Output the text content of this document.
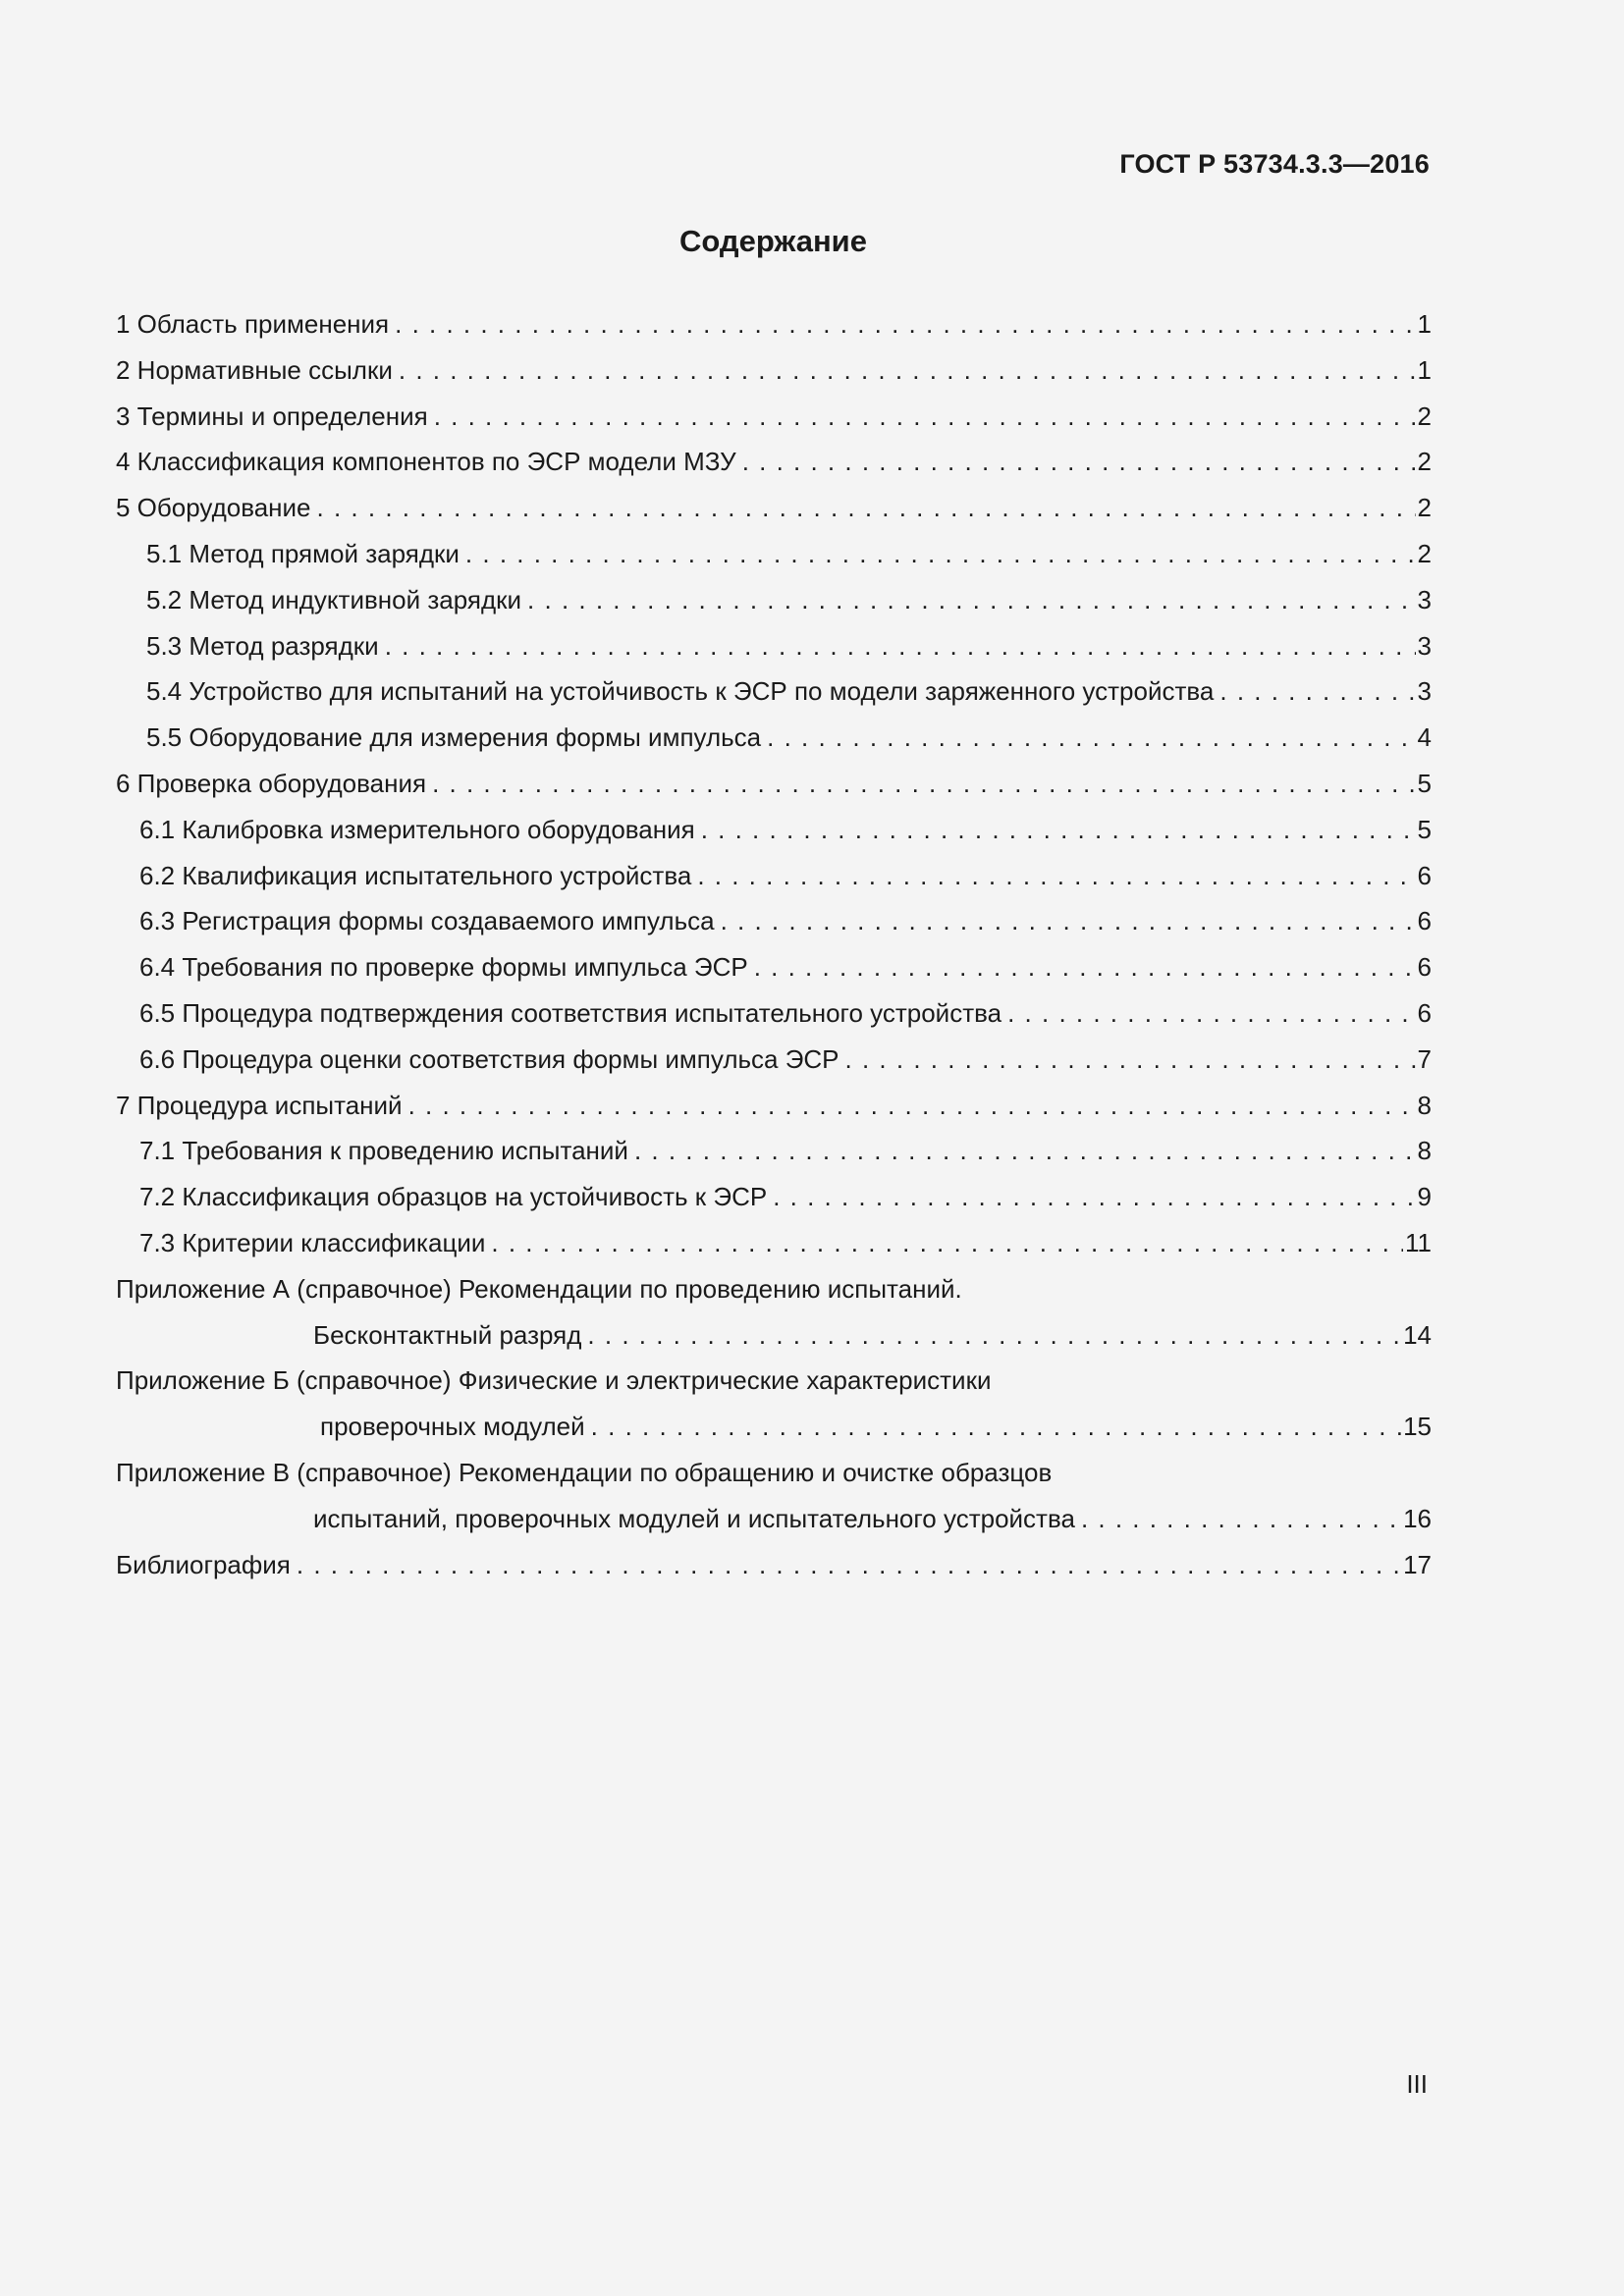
ГОСТ Р 53734.3.3—2016
Содержание
1 Область применения . . .	1
2 Нормативные ссылки . . .	1
3 Термины и определения . . .	2
4 Классификация компонентов по ЭСР модели МЗУ . . .	2
5 Оборудование . . .	2
5.1 Метод прямой зарядки . . .	2
5.2 Метод индуктивной зарядки . . .	3
5.3 Метод разрядки . . .	3
5.4 Устройство для испытаний на устойчивость к ЭСР по модели заряженного устройства . . .	3
5.5 Оборудование для измерения формы импульса . . .	4
6 Проверка оборудования . . .	5
6.1 Калибровка измерительного оборудования . . .	5
6.2 Квалификация испытательного устройства . . .	6
6.3 Регистрация формы создаваемого импульса . . .	6
6.4 Требования по проверке формы импульса ЭСР . . .	6
6.5 Процедура подтверждения соответствия испытательного устройства . . .	6
6.6 Процедура оценки соответствия формы импульса ЭСР . . .	7
7 Процедура испытаний . . .	8
7.1 Требования к проведению испытаний . . .	8
7.2 Классификация образцов на устойчивость к ЭСР . . .	9
7.3 Критерии классификации . . .	11
Приложение А (справочное) Рекомендации по проведению испытаний.
Бесконтактный разряд . . .	14
Приложение Б (справочное) Физические и электрические характеристики
проверочных модулей . . .	15
Приложение В (справочное) Рекомендации по обращению и очистке образцов
испытаний, проверочных модулей и испытательного устройства . . .	16
Библиография . . .	17
III
